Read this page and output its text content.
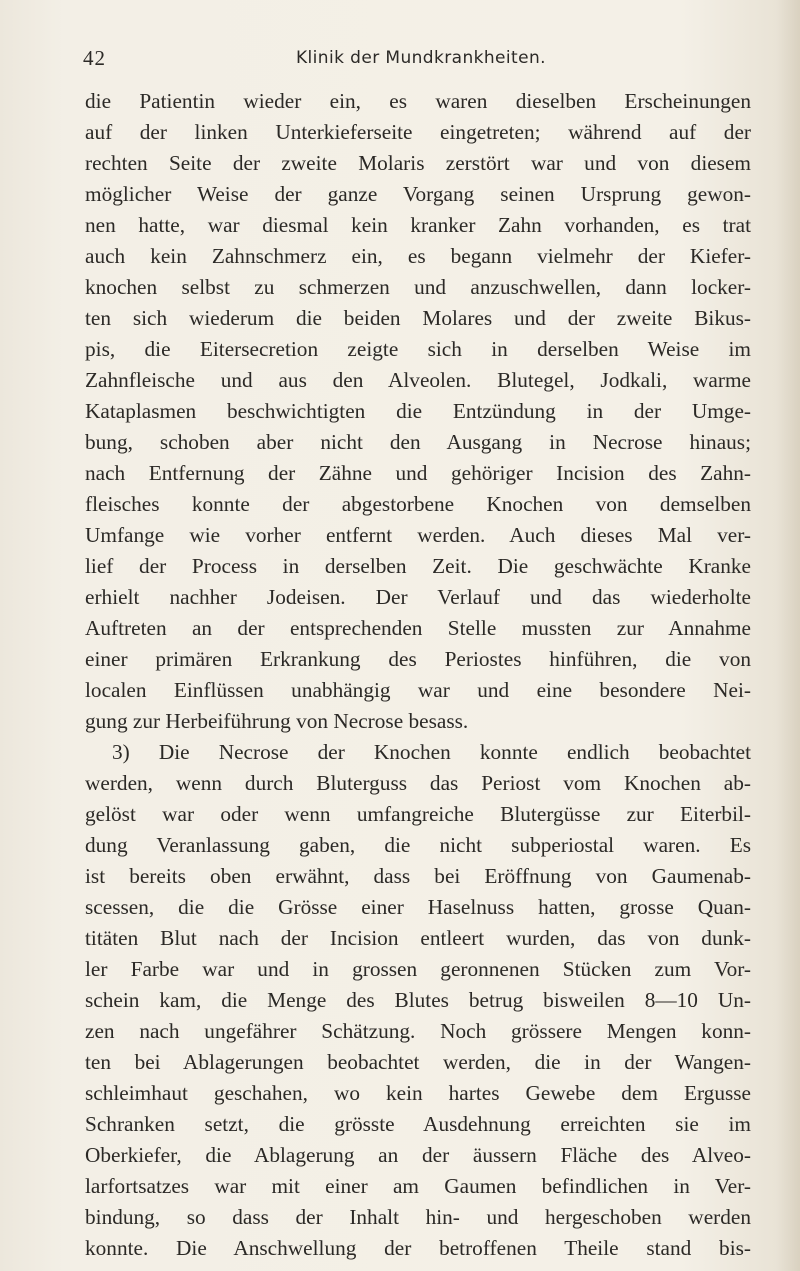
42	Klinik der Mundkrankheiten.
die Patientin wieder ein, es waren dieselben Erscheinungen
auf der linken Unterkieferseite eingetreten; während auf der
rechten Seite der zweite Molaris zerstört war und von diesem
möglicher Weise der ganze Vorgang seinen Ursprung gewon-
nen hatte, war diesmal kein kranker Zahn vorhanden, es trat
auch kein Zahnschmerz ein, es begann vielmehr der Kiefer-
knochen selbst zu schmerzen und anzuschwellen, dann locker-
ten sich wiederum die beiden Molares und der zweite Bikus-
pis, die Eitersecretion zeigte sich in derselben Weise im
Zahnfleische und aus den Alveolen. Blutegel, Jodkali, warme
Kataplasmen beschwichtigten die Entzündung in der Umge-
bung, schoben aber nicht den Ausgang in Necrose hinaus;
nach Entfernung der Zähne und gehöriger Incision des Zahn-
fleisches konnte der abgestorbene Knochen von demselben
Umfange wie vorher entfernt werden. Auch dieses Mal ver-
lief der Process in derselben Zeit. Die geschwächte Kranke
erhielt nachher Jodeisen. Der Verlauf und das wiederholte
Auftreten an der entsprechenden Stelle mussten zur Annahme
einer primären Erkrankung des Periostes hinführen, die von
localen Einflüssen unabhängig war und eine besondere Nei-
gung zur Herbeiführung von Necrose besass.
3) Die Necrose der Knochen konnte endlich beobachtet
werden, wenn durch Bluterguss das Periost vom Knochen ab-
gelöst war oder wenn umfangreiche Blutergüsse zur Eiterbil-
dung Veranlassung gaben, die nicht subperiostal waren. Es
ist bereits oben erwähnt, dass bei Eröffnung von Gaumenab-
scessen, die die Grösse einer Haselnuss hatten, grosse Quan-
titäten Blut nach der Incision entleert wurden, das von dunk-
ler Farbe war und in grossen geronnenen Stücken zum Vor-
schein kam, die Menge des Blutes betrug bisweilen 8—10 Un-
zen nach ungefährer Schätzung. Noch grössere Mengen konn-
ten bei Ablagerungen beobachtet werden, die in der Wangen-
schleimhaut geschahen, wo kein hartes Gewebe dem Ergusse
Schranken setzt, die grösste Ausdehnung erreichten sie im
Oberkiefer, die Ablagerung an der äussern Fläche des Alveo-
larfortsatzes war mit einer am Gaumen befindlichen in Ver-
bindung, so dass der Inhalt hin- und hergeschoben werden
konnte. Die Anschwellung der betroffenen Theile stand bis-
